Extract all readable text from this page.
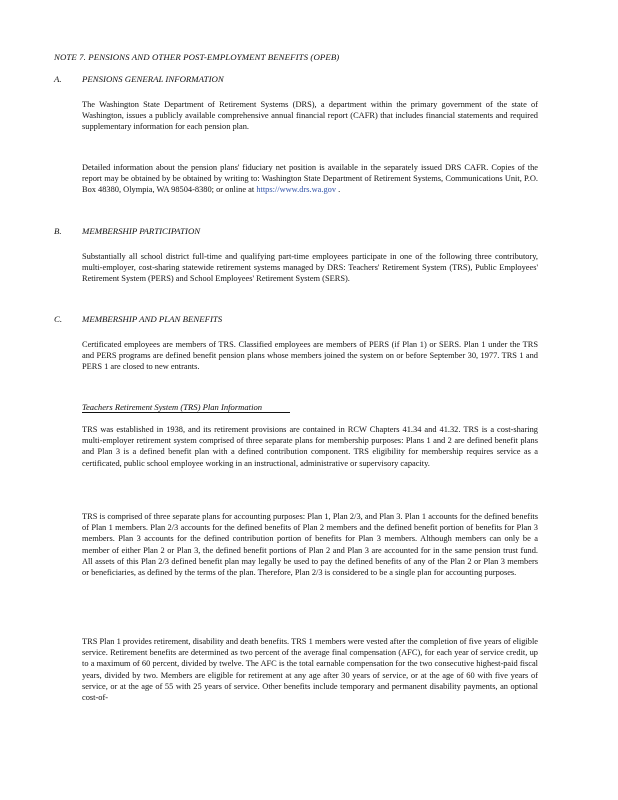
NOTE 7. PENSIONS AND OTHER POST-EMPLOYMENT BENEFITS (OPEB)
A. PENSIONS GENERAL INFORMATION

The Washington State Department of Retirement Systems (DRS), a department within the primary government of the state of Washington, issues a publicly available comprehensive annual financial report (CAFR) that includes financial statements and required supplementary information for each pension plan.

Detailed information about the pension plans' fiduciary net position is available in the separately issued DRS CAFR. Copies of the report may be obtained by be obtained by writing to: Washington State Department of Retirement Systems, Communications Unit, P.O. Box 48380, Olympia, WA 98504-8380; or online at https://www.drs.wa.gov .

B. MEMBERSHIP PARTICIPATION

Substantially all school district full-time and qualifying part-time employees participate in one of the following three contributory, multi-employer, cost-sharing statewide retirement systems managed by DRS: Teachers' Retirement System (TRS), Public Employees' Retirement System (PERS) and School Employees' Retirement System (SERS).

C. MEMBERSHIP AND PLAN BENEFITS

Certificated employees are members of TRS. Classified employees are members of PERS (if Plan 1) or SERS. Plan 1 under the TRS and PERS programs are defined benefit pension plans whose members joined the system on or before September 30, 1977. TRS 1 and PERS 1 are closed to new entrants.

Teachers Retirement System (TRS) Plan Information

TRS was established in 1938, and its retirement provisions are contained in RCW Chapters 41.34 and 41.32. TRS is a cost-sharing multi-employer retirement system comprised of three separate plans for membership purposes: Plans 1 and 2 are defined benefit plans and Plan 3 is a defined benefit plan with a defined contribution component. TRS eligibility for membership requires service as a certificated, public school employee working in an instructional, administrative or supervisory capacity.

TRS is comprised of three separate plans for accounting purposes: Plan 1, Plan 2/3, and Plan 3. Plan 1 accounts for the defined benefits of Plan 1 members. Plan 2/3 accounts for the defined benefits of Plan 2 members and the defined benefit portion of benefits for Plan 3 members. Plan 3 accounts for the defined contribution portion of benefits for Plan 3 members. Although members can only be a member of either Plan 2 or Plan 3, the defined benefit portions of Plan 2 and Plan 3 are accounted for in the same pension trust fund. All assets of this Plan 2/3 defined benefit plan may legally be used to pay the defined benefits of any of the Plan 2 or Plan 3 members or beneficiaries, as defined by the terms of the plan. Therefore, Plan 2/3 is considered to be a single plan for accounting purposes.

TRS Plan 1 provides retirement, disability and death benefits. TRS 1 members were vested after the completion of five years of eligible service. Retirement benefits are determined as two percent of the average final compensation (AFC), for each year of service credit, up to a maximum of 60 percent, divided by twelve. The AFC is the total earnable compensation for the two consecutive highest-paid fiscal years, divided by two. Members are eligible for retirement at any age after 30 years of service, or at the age of 60 with five years of service, or at the age of 55 with 25 years of service. Other benefits include temporary and permanent disability payments, an optional cost-of-
